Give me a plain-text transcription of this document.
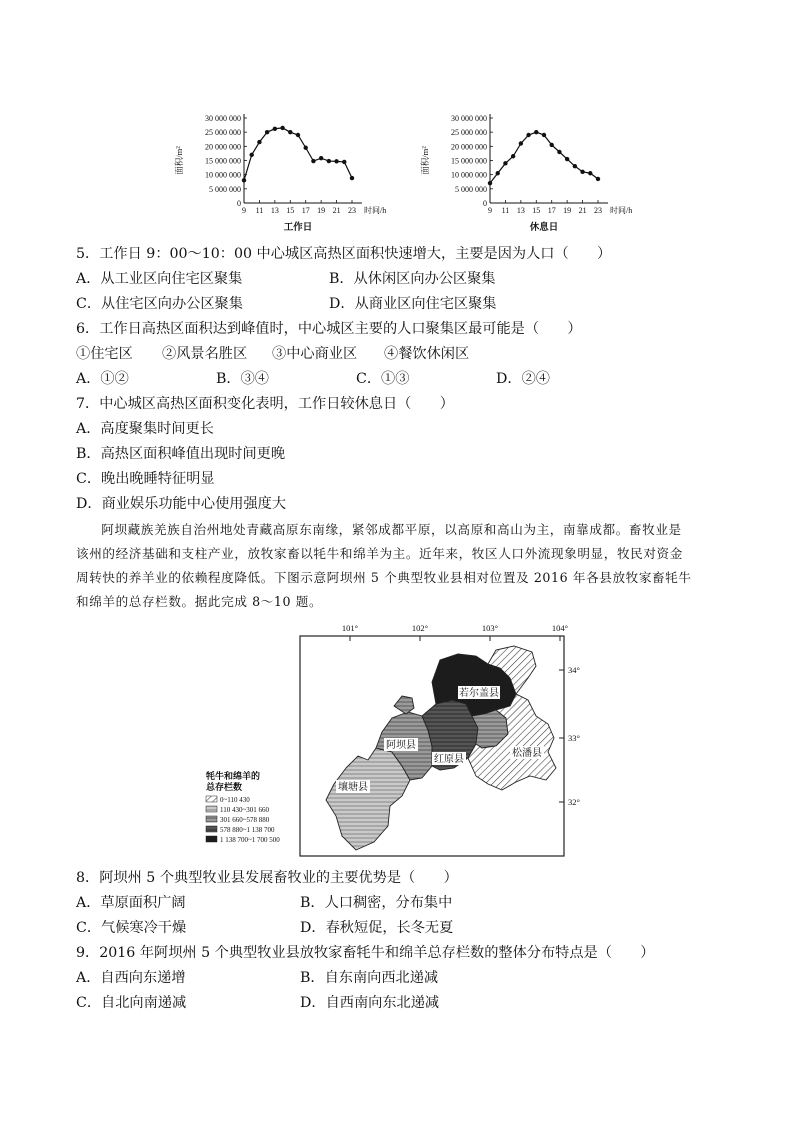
0
5 000 000
10 000 000
15 000 000
20 000 000
25 000 000
30 000 000
9 11 13 15 17 19 21 23 时间/h
面积/m²
工作日
0
5 000 000
10 000 000
15 000 000
20 000 000
25 000 000
30 000 000
9 11 13 15 17 19 21 23 时间/h
面积/m²
休息日
5．工作日 9：00～10：00 中心城区高热区面积快速增大，主要是因为人口（　　）
A．从工业区向住宅区聚集	B．从休闲区向办公区聚集
C．从住宅区向办公区聚集	D．从商业区向住宅区聚集
6．工作日高热区面积达到峰值时，中心城区主要的人口聚集区最可能是（　　）
①住宅区 ②风景名胜区 ③中心商业区 ④餐饮休闲区
A．①②	B．③④	C．①③	D．②④
7．中心城区高热区面积变化表明，工作日较休息日（　　）
A．高度聚集时间更长
B．高热区面积峰值出现时间更晚
C．晚出晚睡特征明显
D．商业娱乐功能中心使用强度大
阿坝藏族羌族自治州地处青藏高原东南缘，紧邻成都平原，以高原和高山为主，南靠成都。畜牧业是
该州的经济基础和支柱产业，放牧家畜以牦牛和绵羊为主。近年来，牧区人口外流现象明显，牧民对资金
周转快的养羊业的依赖程度降低。下图示意阿坝州 5 个典型牧业县相对位置及 2016 年各县放牧家畜牦牛
和绵羊的总存栏数。据此完成 8～10 题。
101°	102°	103°	104°
34°
33°
32°
若尔盖县
阿坝县
红原县
松潘县
壤塘县
牦牛和绵羊的
总存栏数
0~110 430
110 430~301 660
301 660~578 880
578 880~1 138 700
1 138 700~1 700 500
8．阿坝州 5 个典型牧业县发展畜牧业的主要优势是（　　）
A．草原面积广阔	B．人口稠密，分布集中
C．气候寒冷干燥	D．春秋短促，长冬无夏
9．2016 年阿坝州 5 个典型牧业县放牧家畜牦牛和绵羊总存栏数的整体分布特点是（　　）
A．自西向东递增	B．自东南向西北递减
C．自北向南递减	D．自西南向东北递减
